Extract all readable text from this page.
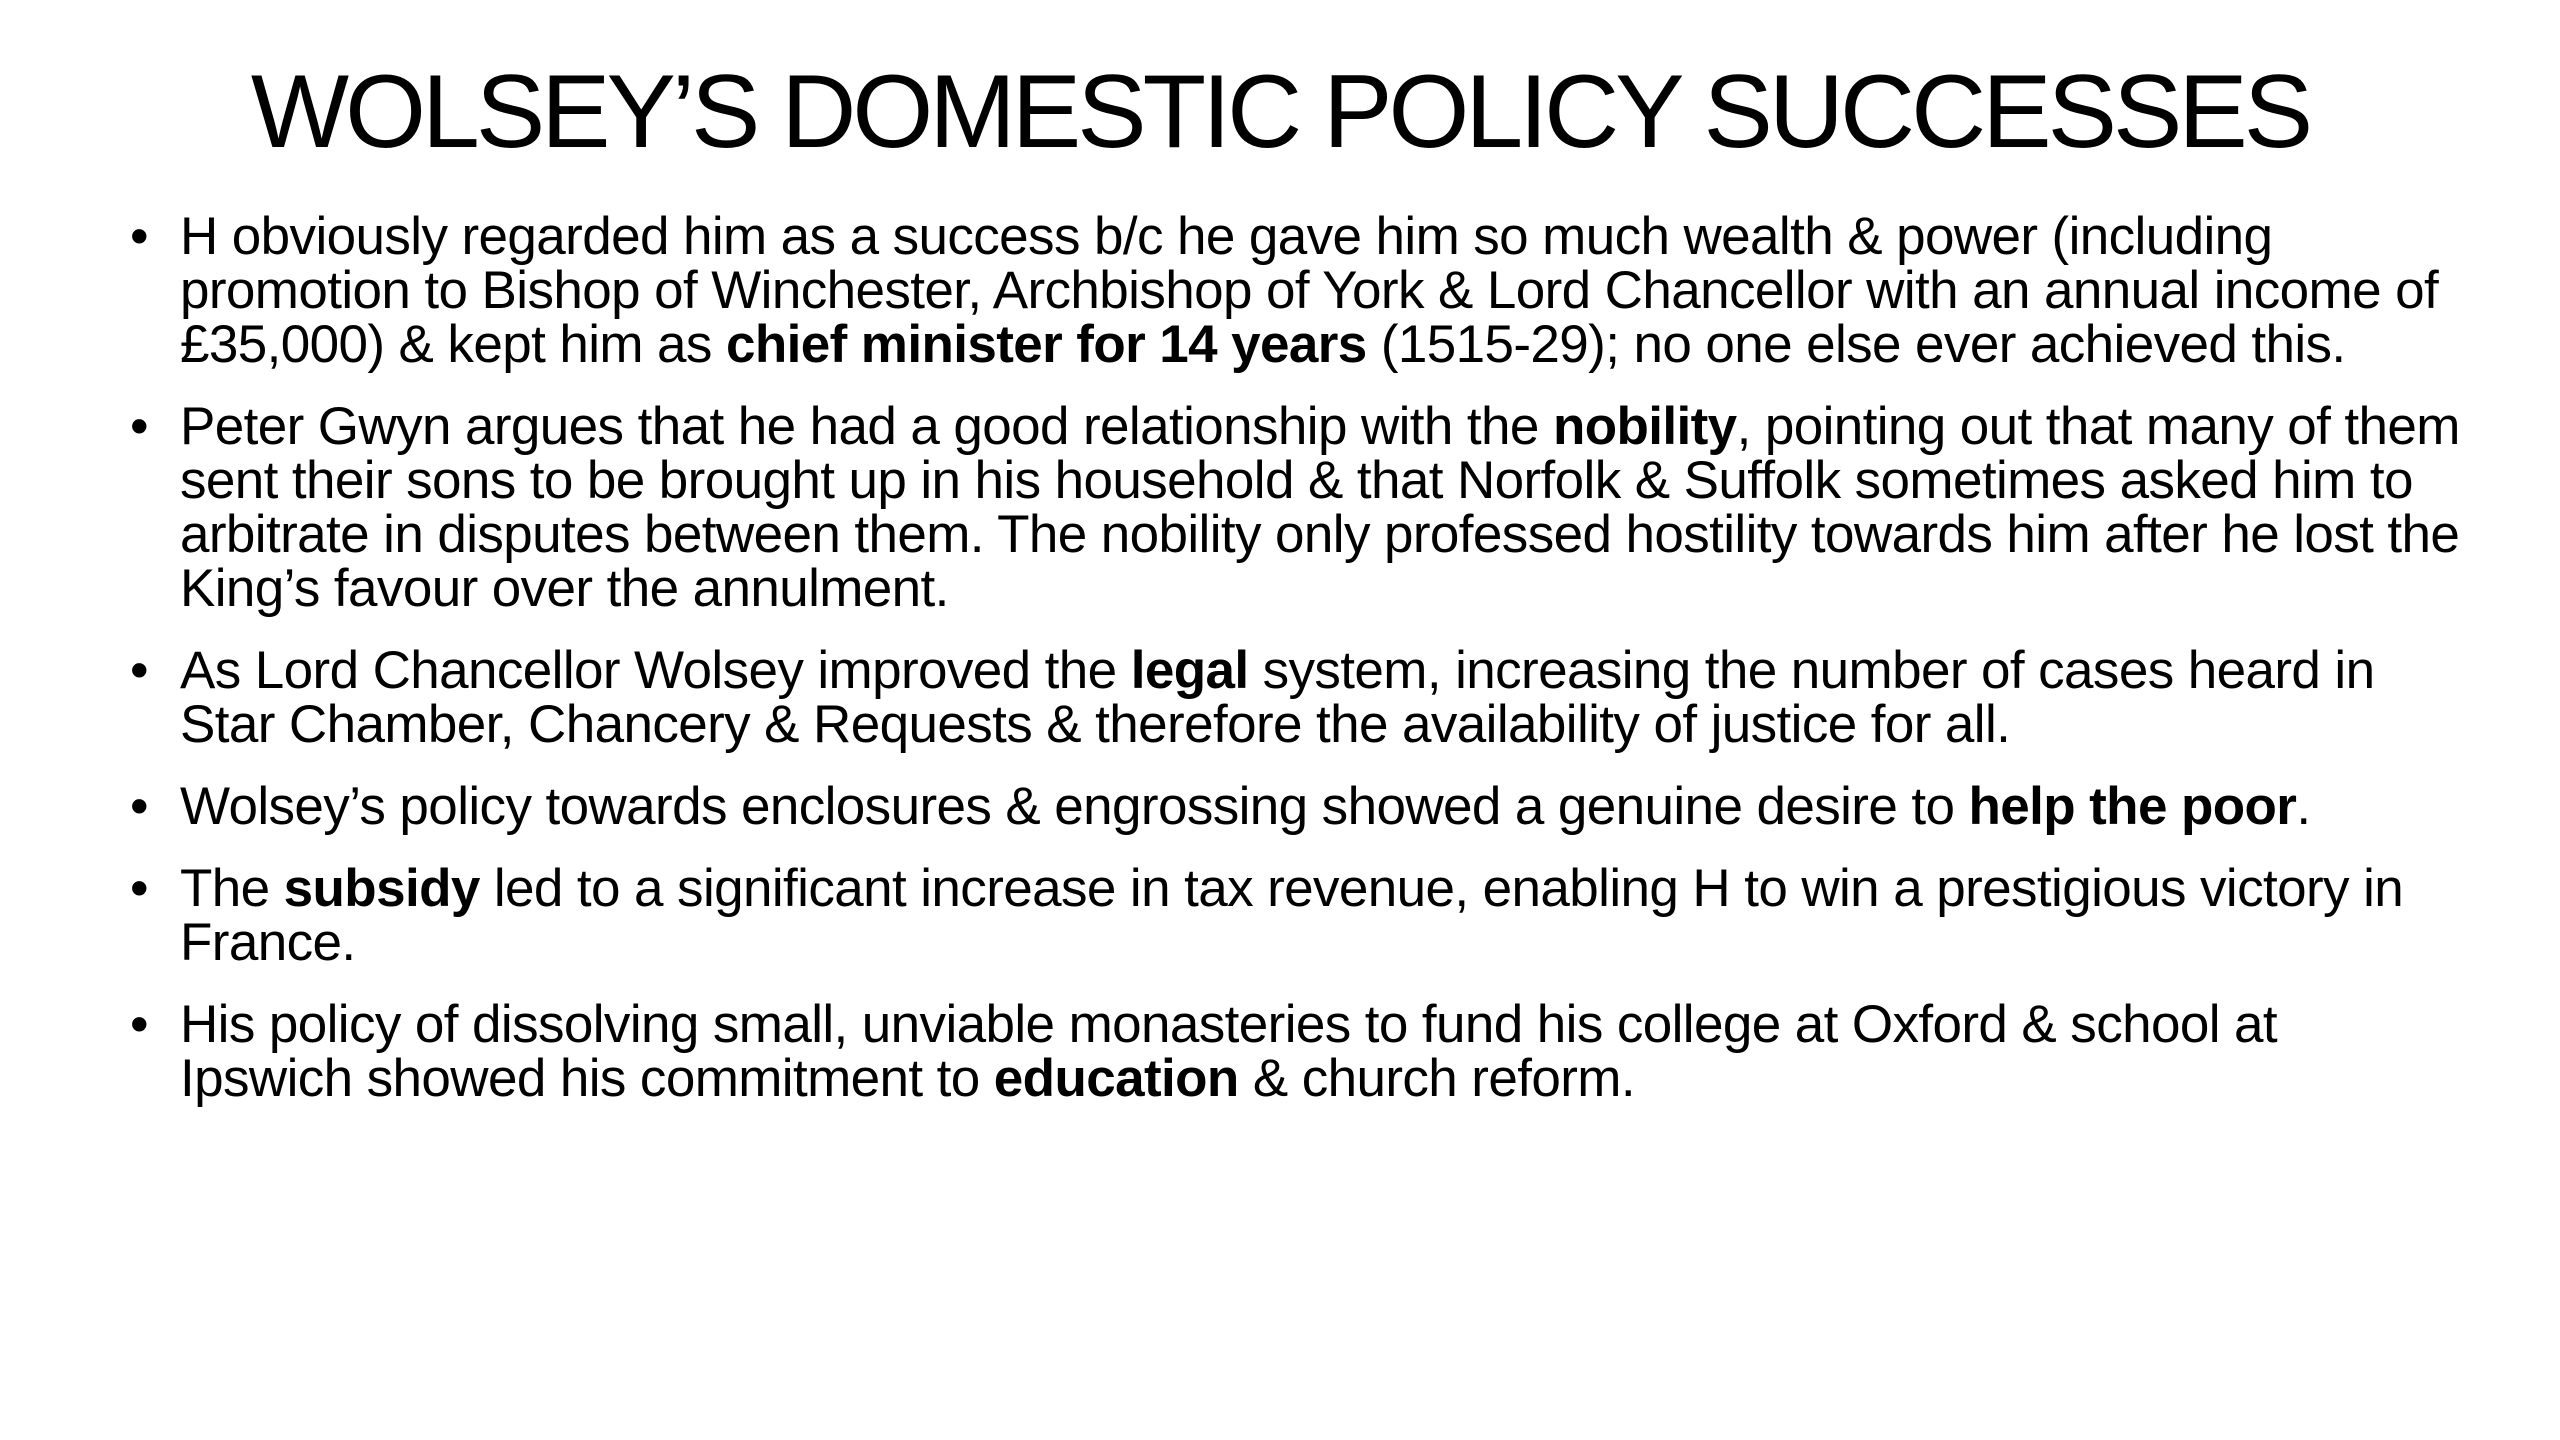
WOLSEY’S DOMESTIC POLICY SUCCESSES
• H obviously regarded him as a success b/c he gave him so much wealth & power (including promotion to Bishop of Winchester, Archbishop of York & Lord Chancellor with an annual income of £35,000) & kept him as chief minister for 14 years (1515-29); no one else ever achieved this.
• Peter Gwyn argues that he had a good relationship with the nobility, pointing out that many of them sent their sons to be brought up in his household & that Norfolk & Suffolk sometimes asked him to arbitrate in disputes between them. The nobility only professed hostility towards him after he lost the King’s favour over the annulment.
• As Lord Chancellor Wolsey improved the legal system, increasing the number of cases heard in Star Chamber, Chancery & Requests & therefore the availability of justice for all.
• Wolsey’s policy towards enclosures & engrossing showed a genuine desire to help the poor.
• The subsidy led to a significant increase in tax revenue, enabling H to win a prestigious victory in France.
• His policy of dissolving small, unviable monasteries to fund his college at Oxford & school at Ipswich showed his commitment to education & church reform.
